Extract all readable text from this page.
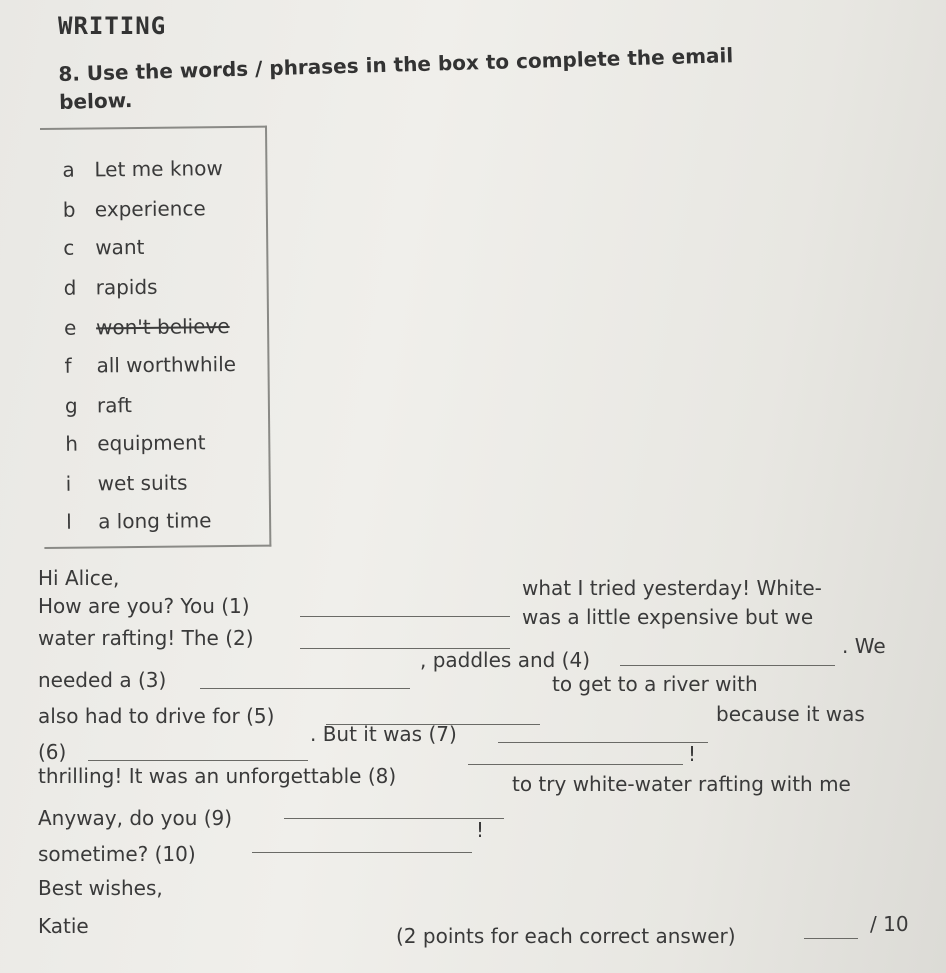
WRITING
8. Use the words / phrases in the box to complete the email below.
a Let me know
b experience
c want
d rapids
e won't believe
f all worthwhile
g raft
h equipment
i wet suits
l a long time
Hi Alice,
How are you? You (1)
what I tried yesterday! White-
water rafting! The (2)
was a little expensive but we
needed a (3)
, paddles and (4)
. We
also had to drive for (5)
to get to a river with
(6)
. But it was (7)
because it was
thrilling! It was an unforgettable (8)
!
Anyway, do you (9)
to try white-water rafting with me
sometime? (10)
!
Best wishes,
Katie	(2 points for each correct answer)	/ 10
